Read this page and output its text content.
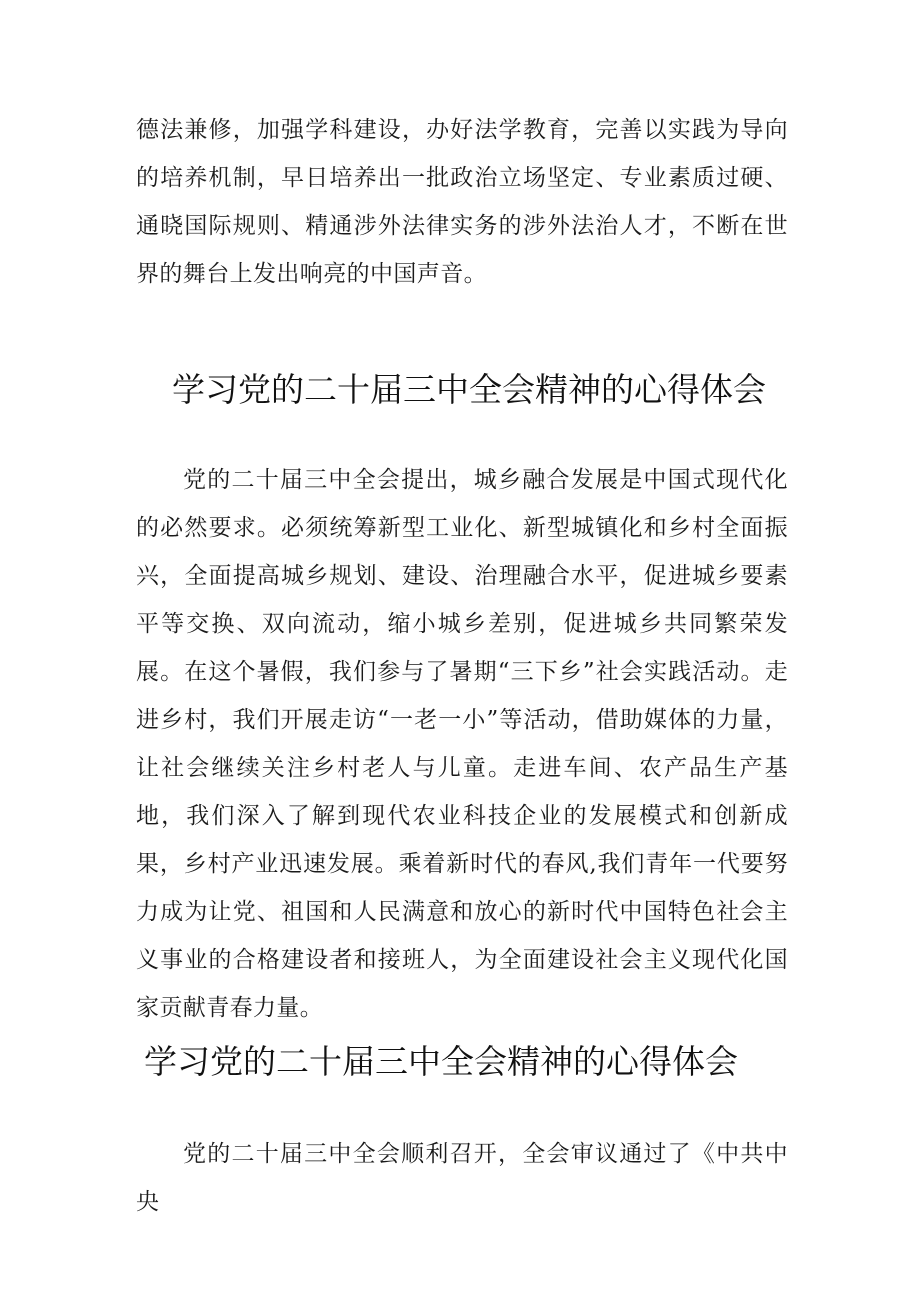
德法兼修，加强学科建设，办好法学教育，完善以实践为导向的培养机制，早日培养出一批政治立场坚定、专业素质过硬、通晓国际规则、精通涉外法律实务的涉外法治人才，不断在世界的舞台上发出响亮的中国声音。

学习党的二十届三中全会精神的心得体会

党的二十届三中全会提出，城乡融合发展是中国式现代化的必然要求。必须统筹新型工业化、新型城镇化和乡村全面振兴，全面提高城乡规划、建设、治理融合水平，促进城乡要素平等交换、双向流动，缩小城乡差别，促进城乡共同繁荣发展。在这个暑假，我们参与了暑期“三下乡”社会实践活动。走进乡村，我们开展走访“一老一小”等活动，借助媒体的力量，让社会继续关注乡村老人与儿童。走进车间、农产品生产基地，我们深入了解到现代农业科技企业的发展模式和创新成果，乡村产业迅速发展。乘着新时代的春风,我们青年一代要努力成为让党、祖国和人民满意和放心的新时代中国特色社会主义事业的合格建设者和接班人，为全面建设社会主义现代化国家贡献青春力量。

学习党的二十届三中全会精神的心得体会

党的二十届三中全会顺利召开，全会审议通过了《中共中央
